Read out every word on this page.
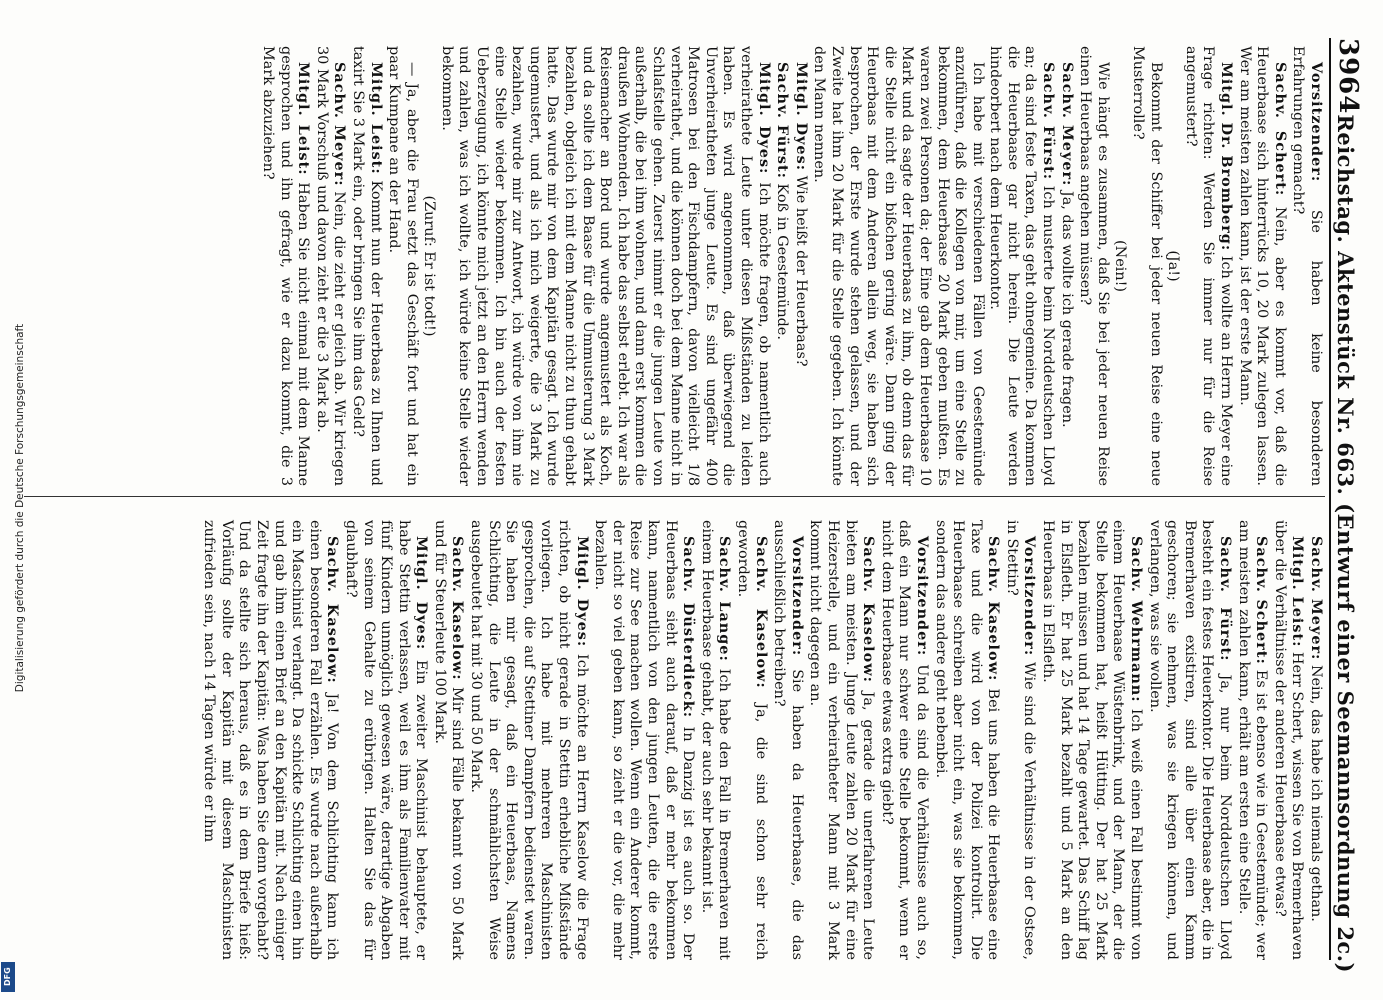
Digitalisierung gefördert durch die Deutsche Forschungsgemeinschaft
DFG
3964
Reichstag. Aktenstück Nr. 663. (Entwurf einer Seemannsordnung 2c.)

Vorsitzender: Sie haben keine besonderen Erfahrungen gemacht?

Sachv. Schert: Nein, aber es kommt vor, daß die Heuerbaase sich hinterrücks 10, 20 Mark zulegen lassen. Wer am meisten zahlen kann, ist der erste Mann.

Mitgl. Dr. Bromberg: Ich wollte an Herrn Meyer eine Frage richten: Werden Sie immer nur für die Reise angemustert?

(Ja!)

Bekommt der Schiffer bei jeder neuen Reise eine neue Musterrolle?

(Nein!)

Wie hängt es zusammen, daß Sie bei jeder neuen Reise einen Heuerbaas angehen müssen?

Sachv. Meyer: Ja, das wollte ich gerade fragen.

Sachv. Fürst: Ich musterte beim Norddeutschen Lloyd an; da sind feste Taxen, das geht ohnegemeine. Da kommen die Heuerbaase gar nicht herein. Die Leute werden hindeorbert nach dem Heuerkontor.

Ich habe mit verschiedenen Fällen von Geestemünde anzuführen, daß die Kollegen von mir, um eine Stelle zu bekommen, dem Heuerbaase 20 Mark geben mußten. Es waren zwei Personen da; der Eine gab dem Heuerbaase 10 Mark und da sagte der Heuerbaas zu ihm, ob denn das für die Stelle nicht ein bißchen gering wäre. Dann ging der Heuerbaas mit dem Anderen allein weg, sie haben sich besprochen, der Erste wurde stehen gelassen, und der Zweite hat ihm 20 Mark für die Stelle gegeben. Ich könnte den Mann nennen.

Mitgl. Dyes: Wie heißt der Heuerbaas?

Sachv. Fürst: Koß in Geestemünde.

Mitgl. Dyes: Ich möchte fragen, ob namentlich auch verheirathete Leute unter diesen Mißständen zu leiden haben. Es wird angenommen, daß überwiegend die Unverheiratheten junge Leute. Es sind ungefähr 400 Matrosen bei den Fischdampfern, davon vielleicht 1/8 verheirathet, und die können doch bei dem Manne nicht in Schlafstelle gehen. Zuerst nimmt er die jungen Leute von außerhalb, die bei ihm wohnen, und dann erst kommen die draußen Wohnenden. Ich habe das selbst erlebt. Ich war als Reisemacher an Bord und wurde angemustert als Koch, und da sollte ich dem Baase für die Ummusterung 3 Mark bezahlen, obgleich ich mit dem Manne nicht zu thun gehabt hatte. Das wurde mir von dem Kapitän gesagt. Ich wurde ungemustert, und als ich mich weigerte, die 3 Mark zu bezahlen, wurde mir zur Antwort, ich würde von ihm nie eine Stelle wieder bekommen. Ich bin auch der festen Ueberzeugung, ich könnte mich jetzt an den Herrn wenden und zahlen, was ich wollte, ich würde keine Stelle wieder bekommen.

(Zuruf: Er ist todt!)

— Ja, aber die Frau setzt das Geschäft fort und hat ein paar Kumpane an der Hand.

Mitgl. Leist: Kommt nun der Heuerbaas zu Ihnen und taxirt Sie 3 Mark ein, oder bringen Sie ihm das Geld?

Sachv. Meyer: Nein, die zieht er gleich ab. Wir kriegen 30 Mark Vorschuß und davon zieht er die 3 Mark ab.

Mitgl. Leist: Haben Sie nicht einmal mit dem Manne gesprochen und ihn gefragt, wie er dazu kommt, die 3 Mark abzuziehen?

Sachv. Meyer: Nein, das habe ich niemals gethan.

Mitgl. Leist: Herr Schert, wissen Sie von Bremerhaven über die Verhältnisse der anderen Heuerbaase etwas?

Sachv. Schert: Es ist ebenso wie in Geestemünde; wer am meisten zahlen kann, erhält am ersten eine Stelle.

Sachv. Fürst: Ja, nur beim Norddeutschen Lloyd besteht ein festes Heuerkontor. Die Heuerbaase aber, die in Bremerhaven existiren, sind alle über einen Kamm geschoren; sie nehmen, was sie kriegen können, und verlangen, was sie wollen.

Sachv. Wehrmann: Ich weiß einen Fall bestimmt von einem Heuerbaase Wüstenbrink, und der Mann, der die Stelle bekommen hat, heißt Hütting. Der hat 25 Mark bezahlen müssen und hat 14 Tage gewartet. Das Schiff lag in Elsfleth. Er hat 25 Mark bezahlt und 5 Mark an den Heuerbaas in Elsfleth.

Vorsitzender: Wie sind die Verhältnisse in der Ostsee, in Stettin?

Sachv. Kaselow: Bei uns haben die Heuerbaase eine Taxe und die wird von der Polizei kontrolirt. Die Heuerbaase schreiben aber nicht ein, was sie bekommen, sondern das andere geht nebenbei.

Vorsitzender: Und da sind die Verhältnisse auch so, daß ein Mann nur schwer eine Stelle bekommt, wenn er nicht dem Heuerbaase etwas extra giebt?

Sachv. Kaselow: Ja, gerade die unerfahrenen Leute bieten am meisten. Junge Leute zahlen 20 Mark für eine Heizerstelle, und ein verheiratheter Mann mit 3 Mark kommt nicht dagegen an.

Vorsitzender: Sie haben da Heuerbaase, die das ausschließlich betreiben?

Sachv. Kaselow: Ja, die sind schon sehr reich geworden.

Sachv. Lange: Ich habe den Fall in Bremerhaven mit einem Heuerbaase gehabt, der auch sehr bekannt ist.

Sachv. Düsterdieck: In Danzig ist es auch so. Der Heuerbaas sieht auch darauf, daß er mehr bekommen kann, namentlich von den jungen Leuten, die die erste Reise zur See machen wollen. Wenn ein Anderer kommt, der nicht so viel geben kann, so zieht er die vor, die mehr bezahlen.

Mitgl. Dyes: Ich möchte an Herrn Kaselow die Frage richten, ob nicht gerade in Stettin erhebliche Mißstände vorliegen. Ich habe mit mehreren Maschinisten gesprochen, die auf Stettiner Dampfern bedienstet waren. Sie haben mir gesagt, daß ein Heuerbaas, Namens Schlichting, die Leute in der schmählichsten Weise ausgebeutet hat mit 30 und 50 Mark.

Sachv. Kaselow: Mir sind Fälle bekannt von 50 Mark und für Steuerleute 100 Mark.

Mitgl. Dyes: Ein zweiter Maschinist behauptete, er habe Stettin verlassen, weil es ihm als Familienvater mit fünf Kindern unmöglich gewesen wäre, derartige Abgaben von seinem Gehalte zu erübrigen. Halten Sie das für glaubhaft?

Sachv. Kaselow: Ja! Von dem Schlichting kann ich einen besonderen Fall erzählen. Es wurde nach außerhalb ein Maschinist verlangt. Da schickte Schlichting einen hin und gab ihm einen Brief an den Kapitän mit. Nach einiger Zeit fragte ihn der Kapitän: Was haben Sie denn vorgehabt? Und da stellte sich heraus, daß es in dem Briefe hieß: Vorläufig sollte der Kapitän mit diesem Maschinisten zufrieden sein, nach 14 Tagen würde er ihm
